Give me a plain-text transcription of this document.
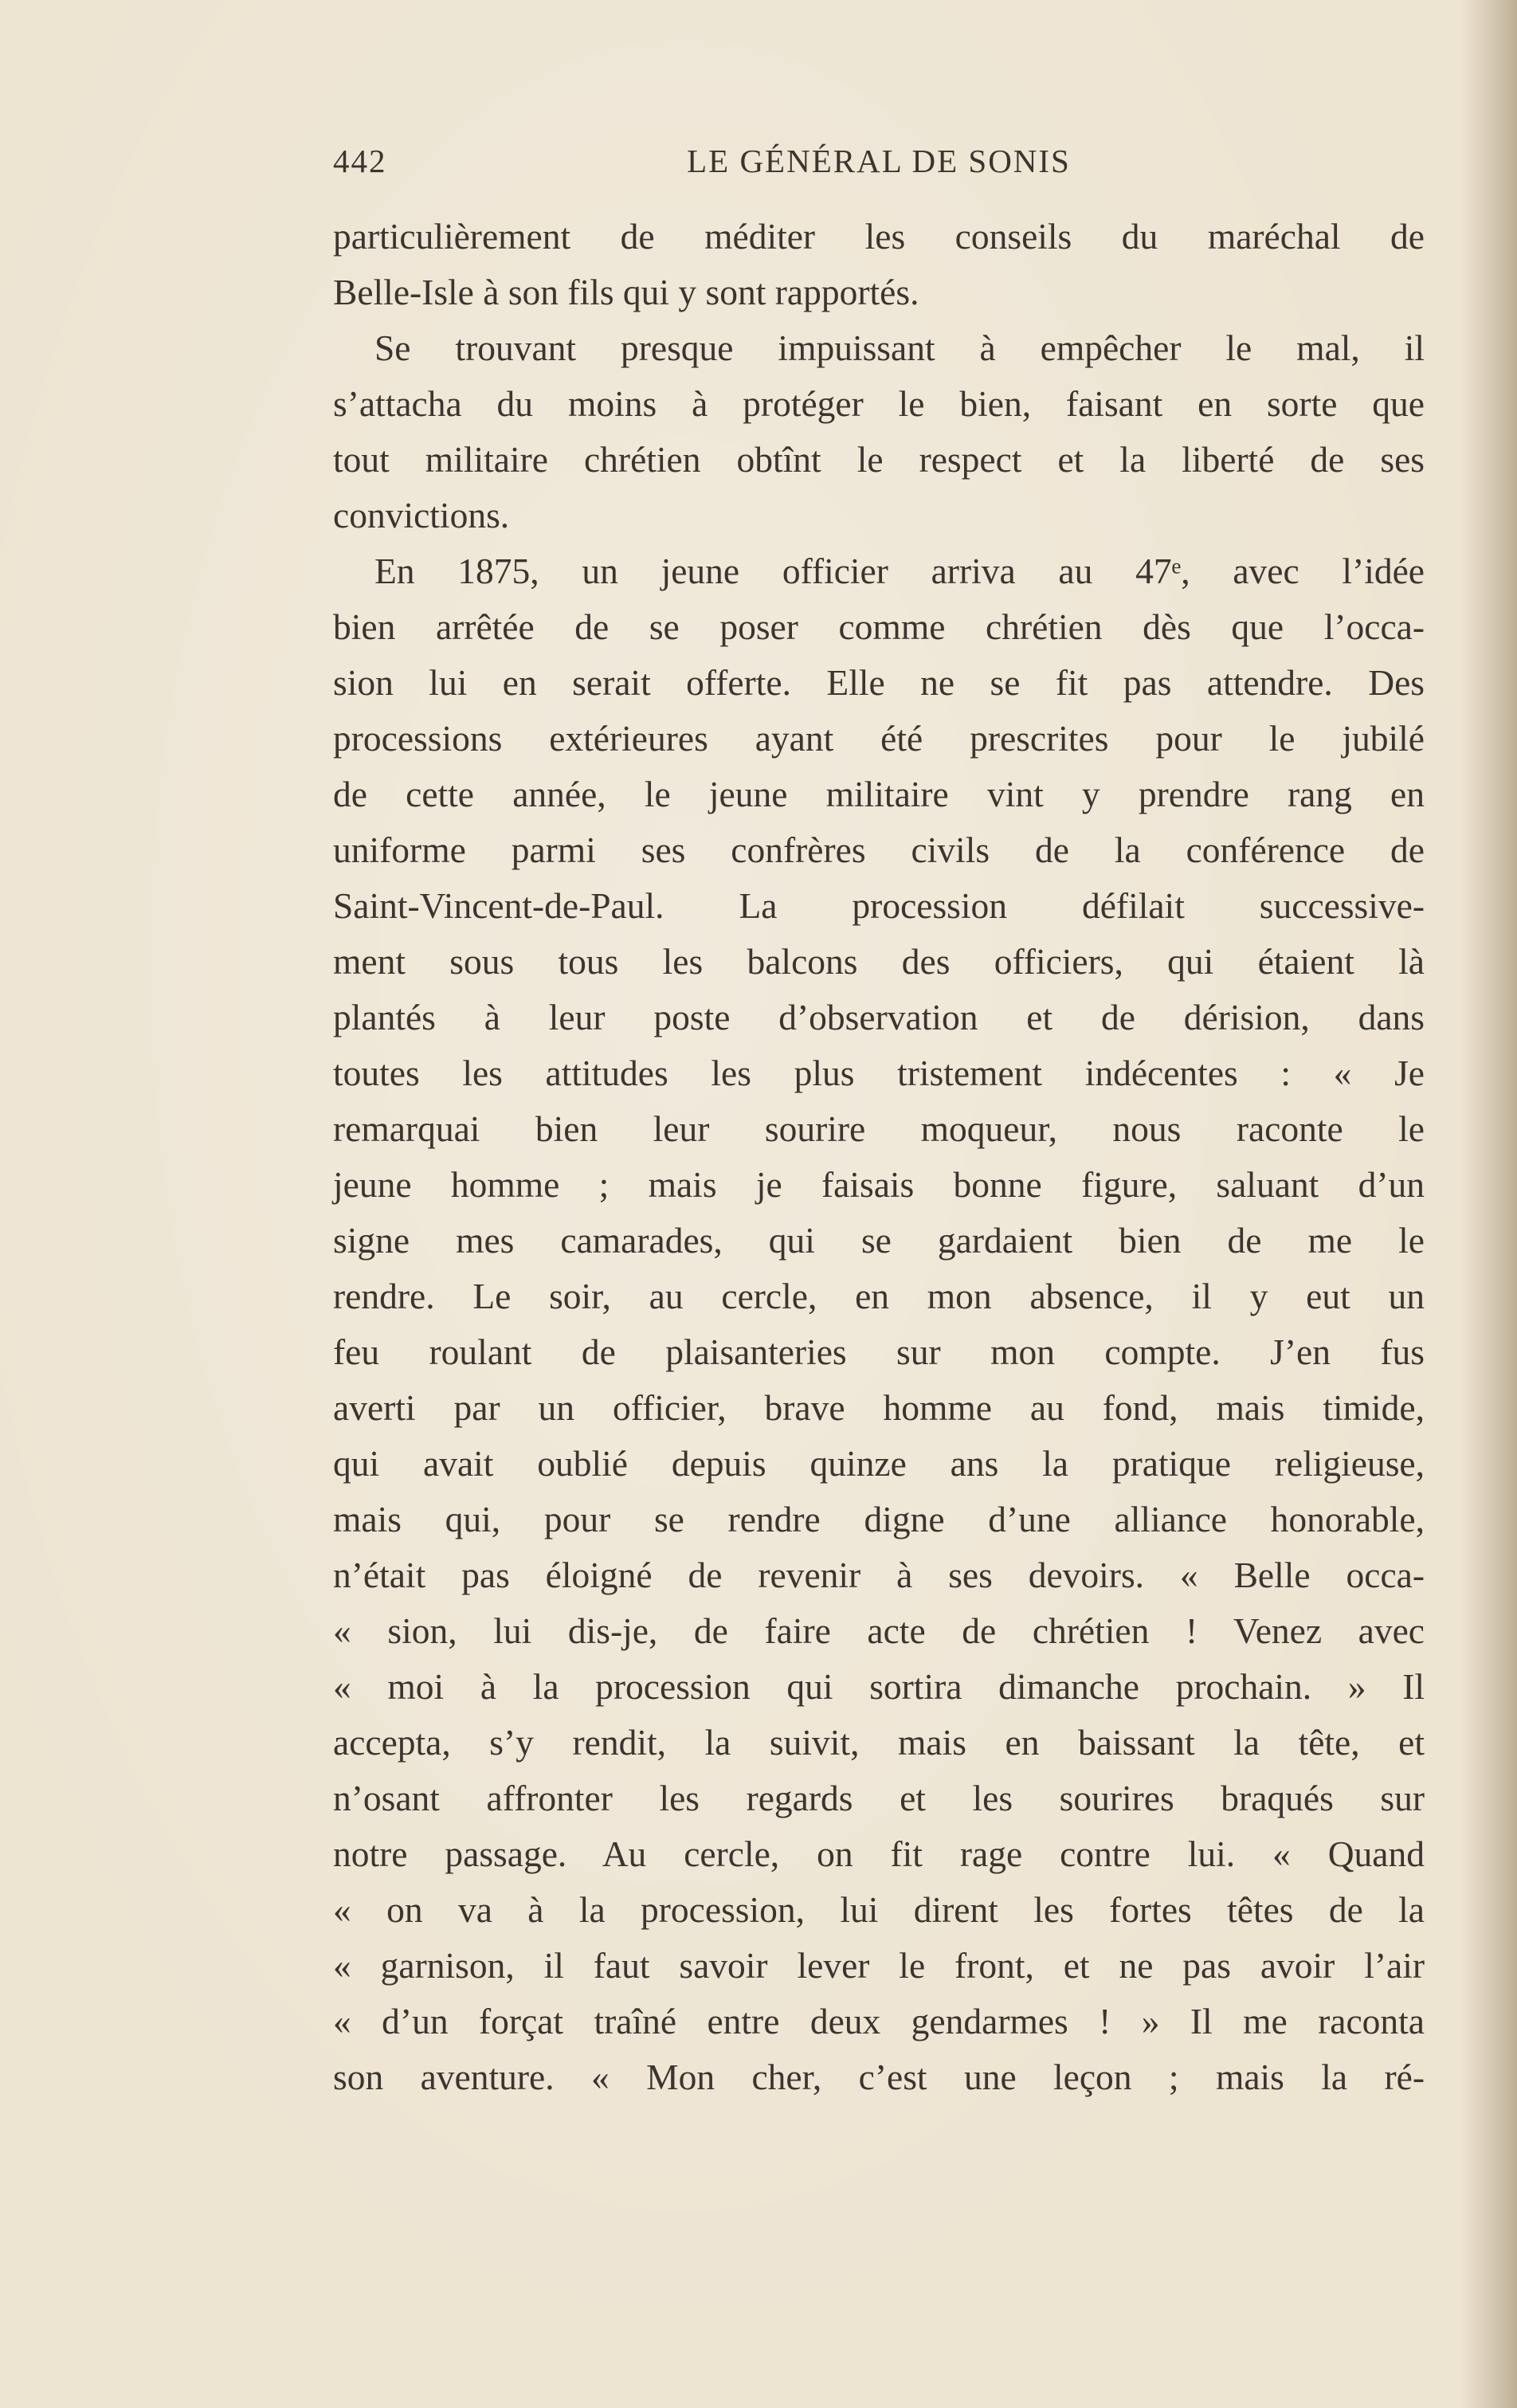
442	LE GÉNÉRAL DE SONIS
particulièrement de méditer les conseils du maréchal de
Belle-Isle à son fils qui y sont rapportés.
Se trouvant presque impuissant à empêcher le mal, il
s’attacha du moins à protéger le bien, faisant en sorte que
tout militaire chrétien obtînt le respect et la liberté de ses
convictions.
En 1875, un jeune officier arriva au 47ᵉ, avec l’idée
bien arrêtée de se poser comme chrétien dès que l’occa-
sion lui en serait offerte. Elle ne se fit pas attendre. Des
processions extérieures ayant été prescrites pour le jubilé
de cette année, le jeune militaire vint y prendre rang en
uniforme parmi ses confrères civils de la conférence de
Saint-Vincent-de-Paul. La procession défilait successive-
ment sous tous les balcons des officiers, qui étaient là
plantés à leur poste d’observation et de dérision, dans
toutes les attitudes les plus tristement indécentes : « Je
remarquai bien leur sourire moqueur, nous raconte le
jeune homme ; mais je faisais bonne figure, saluant d’un
signe mes camarades, qui se gardaient bien de me le
rendre. Le soir, au cercle, en mon absence, il y eut un
feu roulant de plaisanteries sur mon compte. J’en fus
averti par un officier, brave homme au fond, mais timide,
qui avait oublié depuis quinze ans la pratique religieuse,
mais qui, pour se rendre digne d’une alliance honorable,
n’était pas éloigné de revenir à ses devoirs. « Belle occa-
« sion, lui dis-je, de faire acte de chrétien ! Venez avec
« moi à la procession qui sortira dimanche prochain. » Il
accepta, s’y rendit, la suivit, mais en baissant la tête, et
n’osant affronter les regards et les sourires braqués sur
notre passage. Au cercle, on fit rage contre lui. « Quand
« on va à la procession, lui dirent les fortes têtes de la
« garnison, il faut savoir lever le front, et ne pas avoir l’air
« d’un forçat traîné entre deux gendarmes ! » Il me raconta
son aventure. « Mon cher, c’est une leçon ; mais la ré-
